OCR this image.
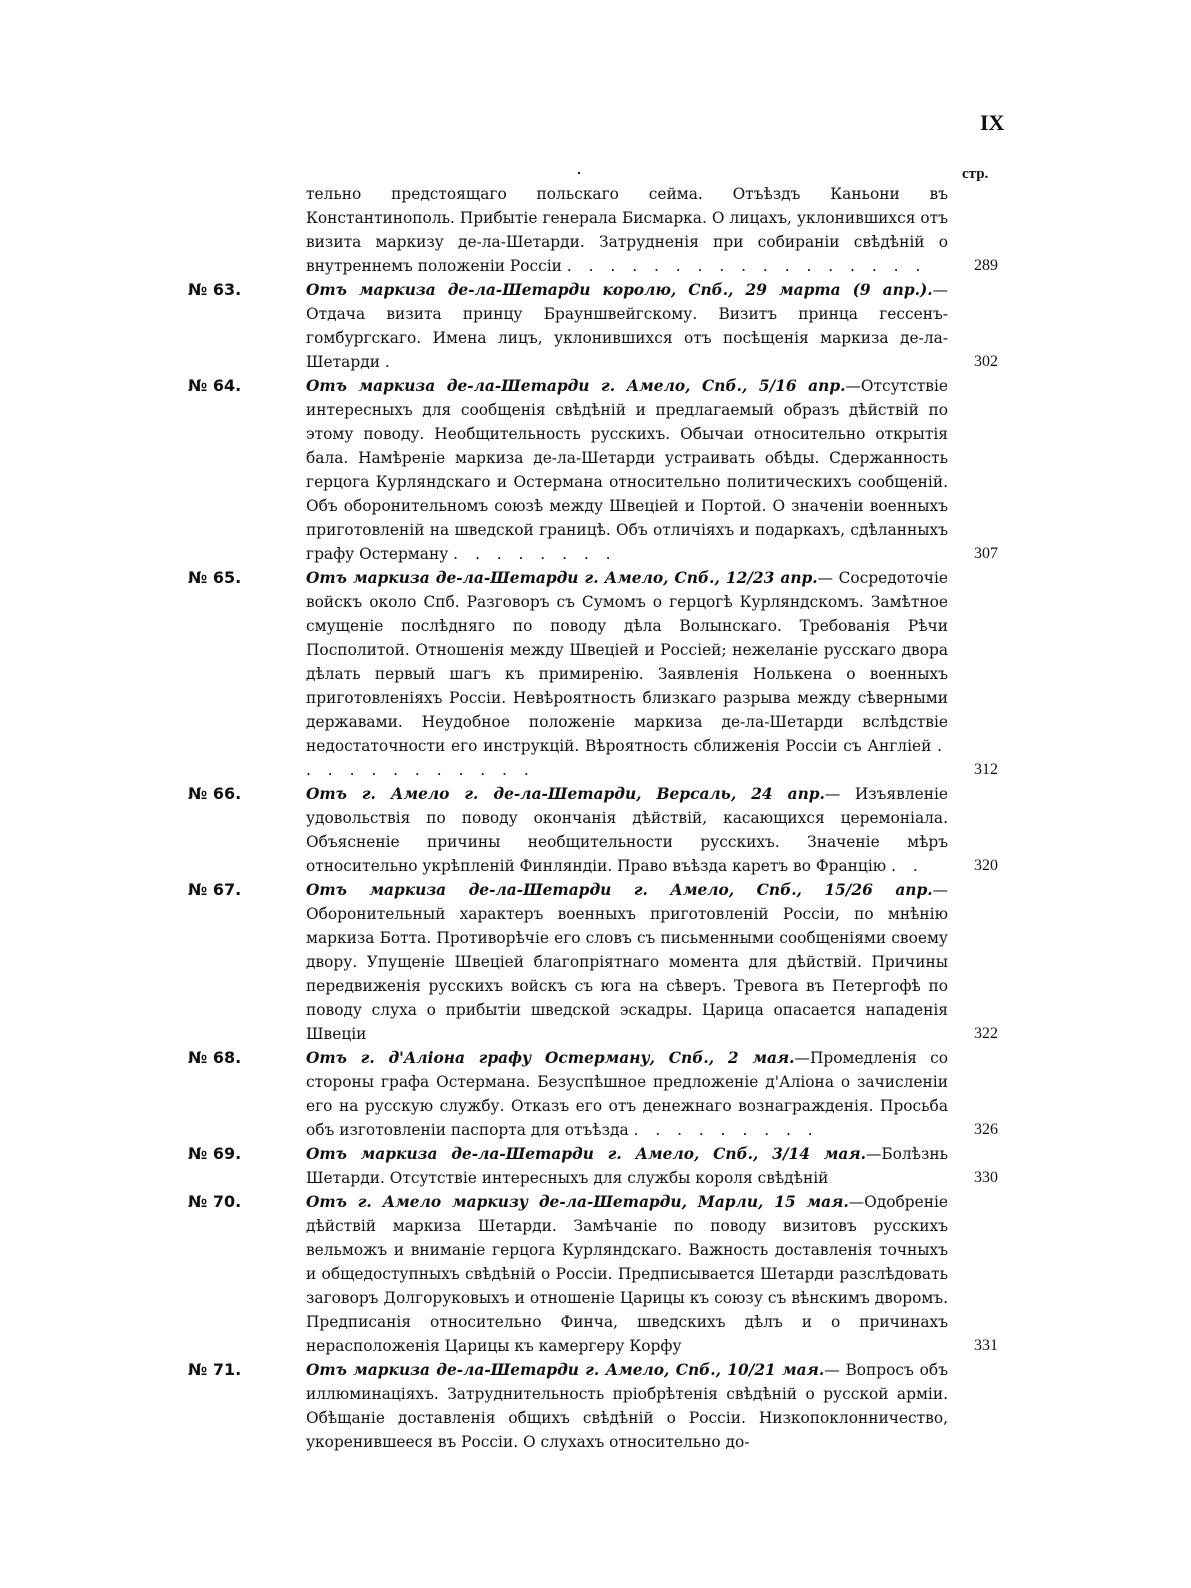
IX
стр.
тельно предстоящаго польскаго сейма. Отъѣздъ Каньони въ Константинополь. Прибытіе генерала Бисмарка. О лицахъ, уклонившихся отъ визита маркизу де-ла-Шетарди. Затрудненія при собираніи свѣдѣній о внутреннемъ положеніи Россіи . . . . . . . . . . . . . . . . .	289
№ 63.	Отъ маркиза де-ла-Шетарди королю, Спб., 29 марта (9 апр.).— Отдача визита принцу Брауншвейгскому. Визитъ принца гессенъ-гомбургскаго. Имена лицъ, уклонившихся отъ посѣщенія маркиза де-ла-Шетарди .	302
№ 64.	Отъ маркиза де-ла-Шетарди г. Амело, Спб., 5/16 апр.—Отсутствіе интересныхъ для сообщенія свѣдѣній и предлагаемый образъ дѣйствій по этому поводу. Необщительность русскихъ. Обычаи относительно открытія бала. Намѣреніе маркиза де-ла-Шетарди устраивать обѣды. Сдержанность герцога Курляндскаго и Остермана относительно политическихъ сообщеній. Объ оборонительномъ союзѣ между Швеціей и Портой. О значеніи военныхъ приготовленій на шведской границѣ. Объ отличіяхъ и подаркахъ, сдѣланныхъ графу Остерману . . . . . . . .	307
№ 65.	Отъ маркиза де-ла-Шетарди г. Амело, Спб., 12/23 апр.— Сосредоточіе войскъ около Спб. Разговоръ съ Сумомъ о герцогѣ Курляндскомъ. Замѣтное смущеніе послѣдняго по поводу дѣла Волынскаго. Требованія Рѣчи Посполитой. Отношенія между Швеціей и Россіей; нежеланіе русскаго двора дѣлать первый шагъ къ примиренію. Заявленія Нолькена о военныхъ приготовленіяхъ Россіи. Невѣроятность близкаго разрыва между сѣверными державами. Неудобное положеніе маркиза де-ла-Шетарди вслѣдствіе недостаточности его инструкцій. Вѣроятность сближенія Россіи съ Англіей . . . . . . . . . . . .	312
№ 66.	Отъ г. Амело г. де-ла-Шетарди, Версаль, 24 апр.— Изъявленіе удовольствія по поводу окончанія дѣйствій, касающихся церемоніала. Объясненіе причины необщительности русскихъ. Значеніе мѣръ относительно укрѣпленій Финляндіи. Право въѣзда каретъ во Францію . .	320
№ 67.	Отъ маркиза де-ла-Шетарди г. Амело, Спб., 15/26 апр.—Оборонительный характеръ военныхъ приготовленій Россіи, по мнѣнію маркиза Ботта. Противорѣчіе его словъ съ письменными сообщеніями своему двору. Упущеніе Швеціей благопріятнаго момента для дѣйствій. Причины передвиженія русскихъ войскъ съ юга на сѣверъ. Тревога въ Петергофѣ по поводу слуха о прибытіи шведской эскадры. Царица опасается нападенія Швеціи	322
№ 68.	Отъ г. д'Аліона графу Остерману, Спб., 2 мая.—Промедленія со стороны графа Остермана. Безуспѣшное предложеніе д'Аліона о зачисленіи его на русскую службу. Отказъ его отъ денежнаго вознагражденія. Просьба объ изготовленіи паспорта для отъѣзда . . . . . . . . .	326
№ 69.	Отъ маркиза де-ла-Шетарди г. Амело, Спб., 3/14 мая.—Болѣзнь Шетарди. Отсутствіе интересныхъ для службы короля свѣдѣній	330
№ 70.	Отъ г. Амело маркизу де-ла-Шетарди, Марли, 15 мая.—Одобреніе дѣйствій маркиза Шетарди. Замѣчаніе по поводу визитовъ русскихъ вельможъ и вниманіе герцога Курляндскаго. Важность доставленія точныхъ и общедоступныхъ свѣдѣній о Россіи. Предписывается Шетарди разслѣдовать заговоръ Долгоруковыхъ и отношеніе Царицы къ союзу съ вѣнскимъ дворомъ. Предписанія относительно Финча, шведскихъ дѣлъ и о причинахъ нерасположенія Царицы къ камергеру Корфу	331
№ 71.	Отъ маркиза де-ла-Шетарди г. Амело, Спб., 10/21 мая.— Вопросъ объ иллюминаціяхъ. Затруднительность пріобрѣтенія свѣдѣній о русской арміи. Обѣщаніе доставленія общихъ свѣдѣній о Россіи. Низкопоклонничество, укоренившееся въ Россіи. О слухахъ относительно до-
